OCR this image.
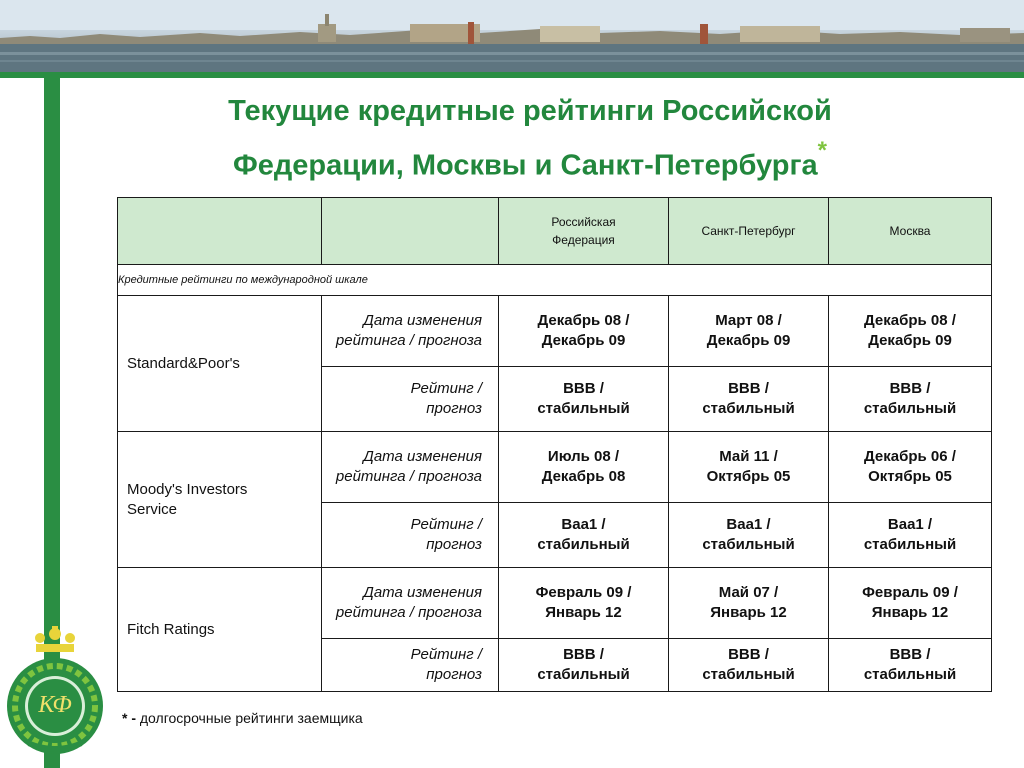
Текущие кредитные рейтинги Российской
Федерации, Москвы и Санкт-Петербурга*
		Российская Федерация	Санкт-Петербург	Москва
Кредитные рейтинги по международной шкале				
Standard&Poor's	Дата изменения рейтинга / прогноза	Декабрь 08 / Декабрь 09	Март 08 / Декабрь 09	Декабрь 08 / Декабрь 09
	Рейтинг / прогноз	BBB / стабильный	BBB / стабильный	BBB / стабильный
Moody's Investors Service	Дата изменения рейтинга / прогноза	Июль 08 / Декабрь 08	Май 11 / Октябрь 05	Декабрь 06 / Октябрь 05
	Рейтинг / прогноз	Baa1 /стабильный	Baa1 / стабильный	Baa1 / стабильный
Fitch Ratings	Дата изменения рейтинга / прогноза	Февраль 09 /Январь 12	Май 07 / Январь 12	Февраль 09 / Январь 12
	Рейтинг / прогноз	BBB / стабильный	BBB / стабильный	BBB / стабильный
* - долгосрочные рейтинги заемщика
КФ
